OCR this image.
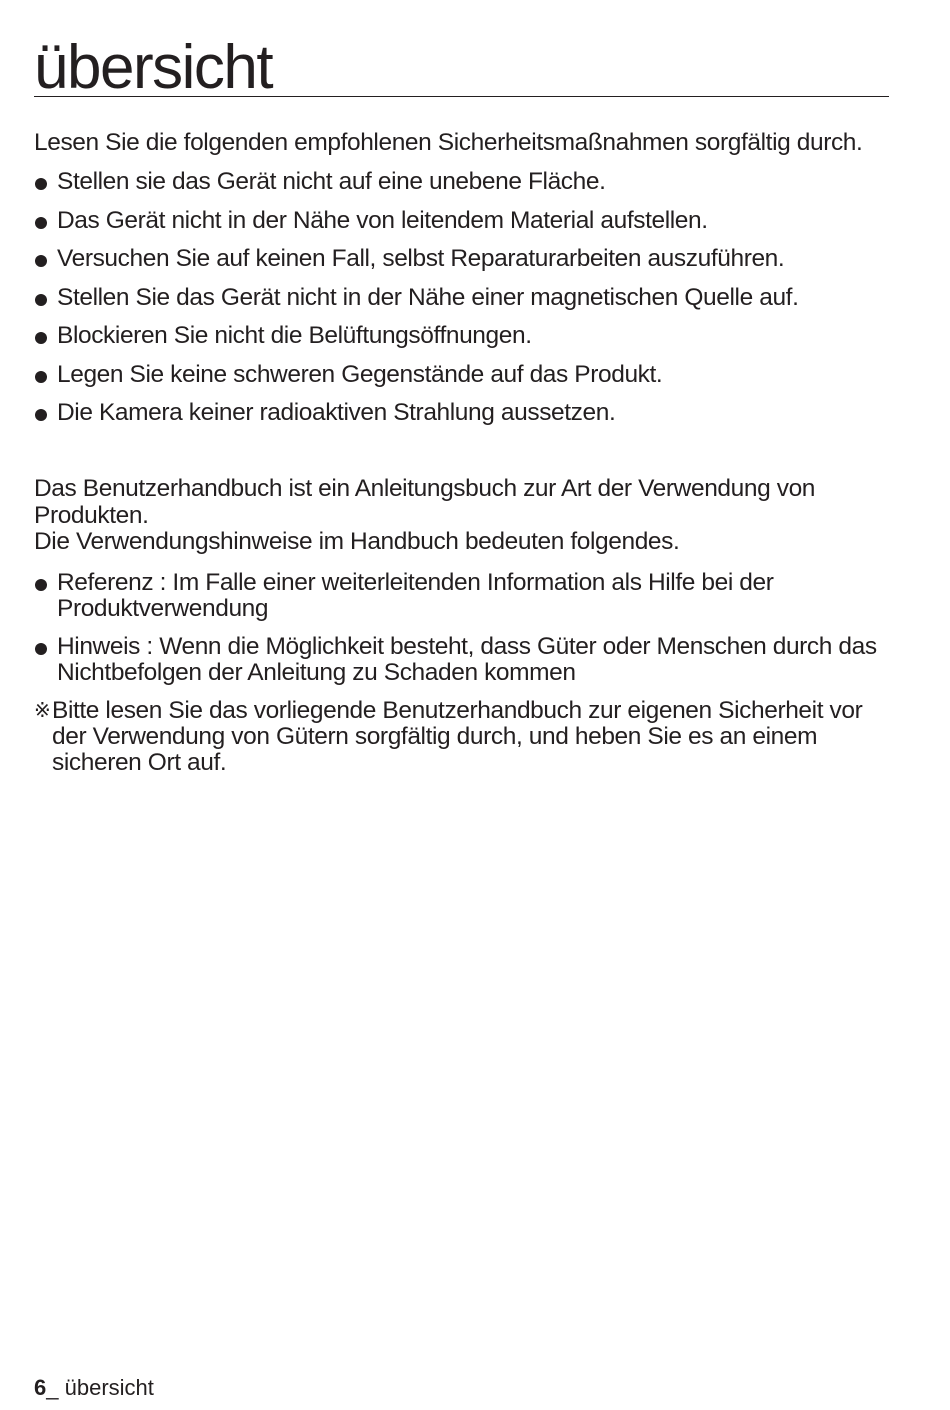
übersicht

Lesen Sie die folgenden empfohlenen Sicherheitsmaßnahmen sorgfältig durch.

Stellen sie das Gerät nicht auf eine unebene Fläche.
Das Gerät nicht in der Nähe von leitendem Material aufstellen.
Versuchen Sie auf keinen Fall, selbst Reparaturarbeiten auszuführen.
Stellen Sie das Gerät nicht in der Nähe einer magnetischen Quelle auf.
Blockieren Sie nicht die Belüftungsöffnungen.
Legen Sie keine schweren Gegenstände auf das Produkt.
Die Kamera keiner radioaktiven Strahlung aussetzen.

Das Benutzerhandbuch ist ein Anleitungsbuch zur Art der Verwendung von Produkten.

Die Verwendungshinweise im Handbuch bedeuten folgendes.

Referenz : Im Falle einer weiterleitenden Information als Hilfe bei der Produktverwendung
Hinweis : Wenn die Möglichkeit besteht, dass Güter oder Menschen durch das Nichtbefolgen der Anleitung zu Schaden kommen

※ Bitte lesen Sie das vorliegende Benutzerhandbuch zur eigenen Sicherheit vor der Verwendung von Gütern sorgfältig durch, und heben Sie es an einem sicheren Ort auf.

6_ übersicht
